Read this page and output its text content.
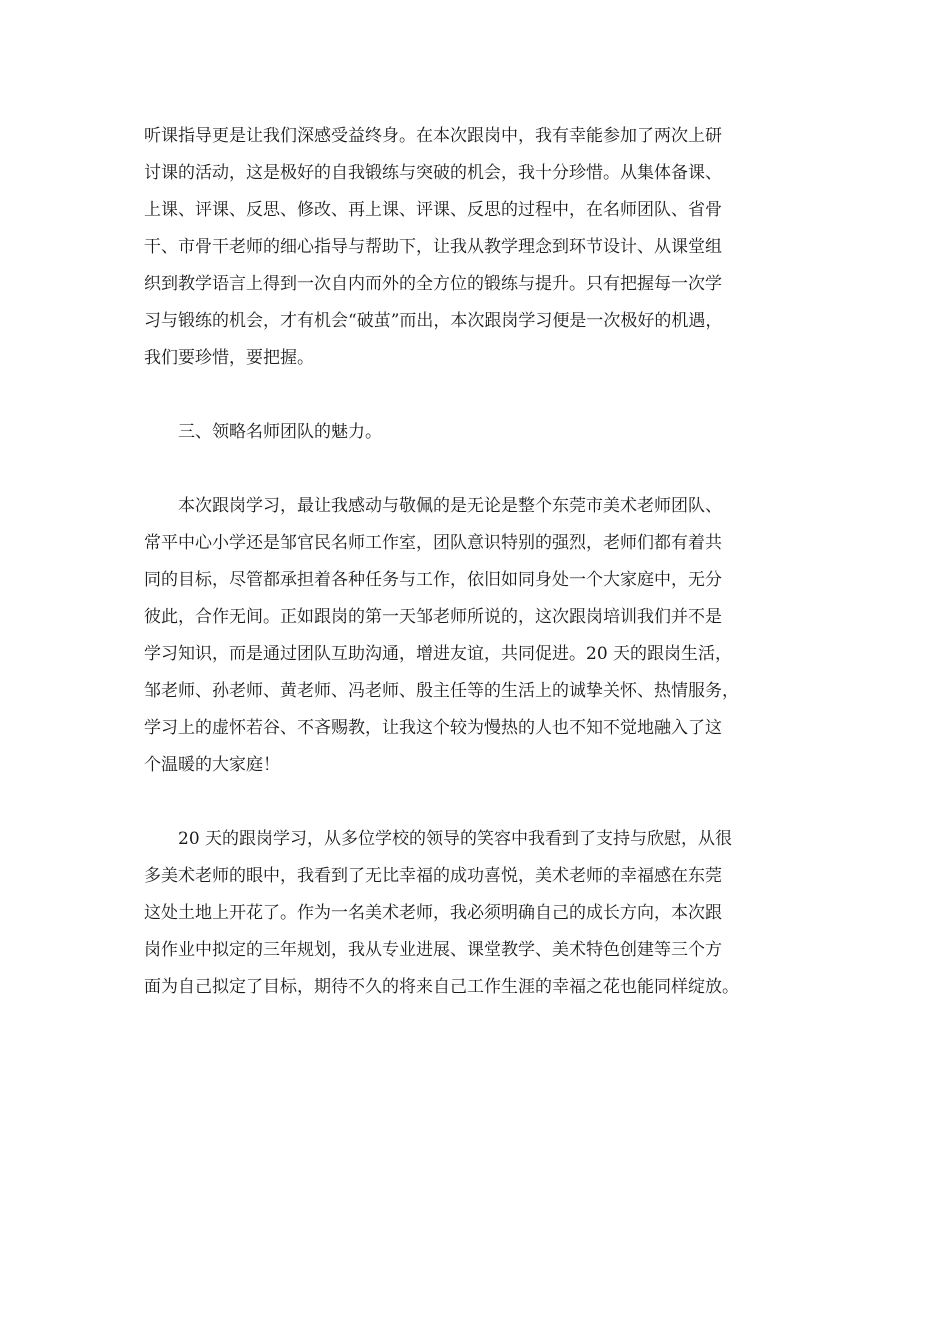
听课指导更是让我们深感受益终身。在本次跟岗中，我有幸能参加了两次上研
讨课的活动，这是极好的自我锻练与突破的机会，我十分珍惜。从集体备课、
上课、评课、反思、修改、再上课、评课、反思的过程中，在名师团队、省骨
干、市骨干老师的细心指导与帮助下，让我从教学理念到环节设计、从课堂组
织到教学语言上得到一次自内而外的全方位的锻练与提升。只有把握每一次学
习与锻练的机会，才有机会“破茧”而出，本次跟岗学习便是一次极好的机遇，
我们要珍惜，要把握。

三、领略名师团队的魅力。

本次跟岗学习，最让我感动与敬佩的是无论是整个东莞市美术老师团队、
常平中心小学还是邹官民名师工作室，团队意识特别的强烈，老师们都有着共
同的目标，尽管都承担着各种任务与工作，依旧如同身处一个大家庭中，无分
彼此，合作无间。正如跟岗的第一天邹老师所说的，这次跟岗培训我们并不是
学习知识，而是通过团队互助沟通，增进友谊，共同促进。20 天的跟岗生活，
邹老师、孙老师、黄老师、冯老师、殷主任等的生活上的诚挚关怀、热情服务，
学习上的虚怀若谷、不吝赐教，让我这个较为慢热的人也不知不觉地融入了这
个温暖的大家庭！

20 天的跟岗学习，从多位学校的领导的笑容中我看到了支持与欣慰，从很
多美术老师的眼中，我看到了无比幸福的成功喜悦，美术老师的幸福感在东莞
这处土地上开花了。作为一名美术老师，我必须明确自己的成长方向，本次跟
岗作业中拟定的三年规划，我从专业进展、课堂教学、美术特色创建等三个方
面为自己拟定了目标，期待不久的将来自己工作生涯的幸福之花也能同样绽放。
